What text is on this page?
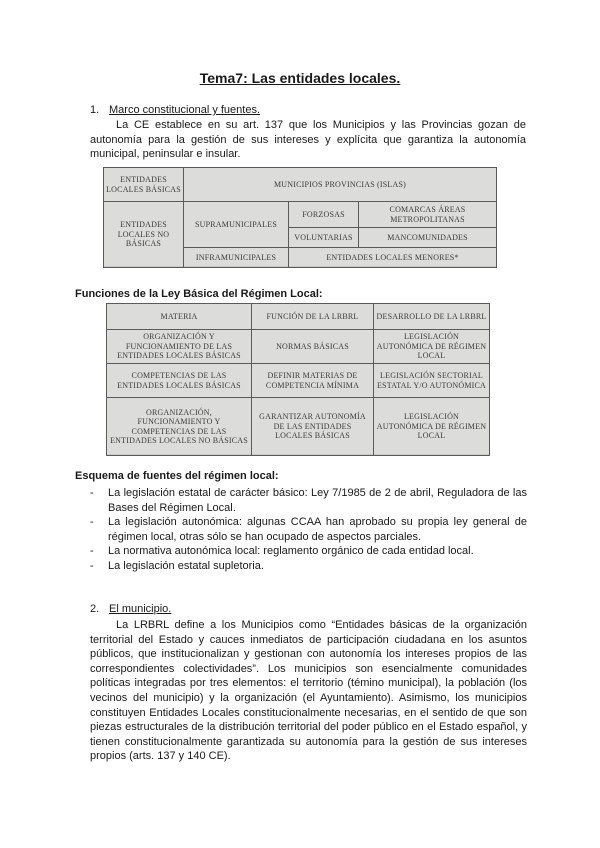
Tema7: Las entidades locales.
1. Marco constitucional y fuentes.
La CE establece en su art. 137 que los Municipios y las Provincias gozan de autonomía para la gestión de sus intereses y explícita que garantiza la autonomía municipal, peninsular e insular.
ENTIDADES LOCALES BÁSICAS	MUNICIPIOS PROVINCIAS (ISLAS)		
ENTIDADES LOCALES NO BÁSICAS	SUPRAMUNICIPALES	FORZOSAS	COMARCAS ÁREAS METROPOLITANAS
		VOLUNTARIAS	MANCOMUNIDADES
	INFRAMUNICIPALES	ENTIDADES LOCALES MENORES*	
Funciones de la Ley Básica del Régimen Local:
MATERIA	FUNCIÓN DE LA LRBRL	DESARROLLO DE LA LRBRL
ORGANIZACIÓN Y FUNCIONAMIENTO DE LAS ENTIDADES LOCALES BÁSICAS	NORMAS BÁSICAS	LEGISLACIÓN AUTONÓMICA DE RÉGIMEN LOCAL
COMPETENCIAS DE LAS ENTIDADES LOCALES BÁSICAS	DEFINIR MATERIAS DE COMPETENCIA MÍNIMA	LEGISLACIÓN SECTORIAL ESTATAL Y/O AUTONÓMICA
ORGANIZACIÓN, FUNCIONAMIENTO Y COMPETENCIAS DE LAS ENTIDADES LOCALES NO BÁSICAS	GARANTIZAR AUTONOMÍA DE LAS ENTIDADES LOCALES BÁSICAS	LEGISLACIÓN AUTONÓMICA DE RÉGIMEN LOCAL
Esquema de fuentes del régimen local:
- La legislación estatal de carácter básico: Ley 7/1985 de 2 de abril, Reguladora de las Bases del Régimen Local.
- La legislación autonómica: algunas CCAA han aprobado su propia ley general de régimen local, otras sólo se han ocupado de aspectos parciales.
- La normativa autonómica local: reglamento orgánico de cada entidad local.
- La legislación estatal supletoria.
2. El municipio.
La LRBRL define a los Municipios como “Entidades básicas de la organización territorial del Estado y cauces inmediatos de participación ciudadana en los asuntos públicos, que institucionalizan y gestionan con autonomía los intereses propios de las correspondientes colectividades”. Los municipios son esencialmente comunidades políticas integradas por tres elementos: el territorio (témino municipal), la población (los vecinos del municipio) y la organización (el Ayuntamiento). Asimismo, los municipios constituyen Entidades Locales constitucionalmente necesarias, en el sentido de que son piezas estructurales de la distribución territorial del poder público en el Estado español, y tienen constitucionalmente garantizada su autonomía para la gestión de sus intereses propios (arts. 137 y 140 CE).
